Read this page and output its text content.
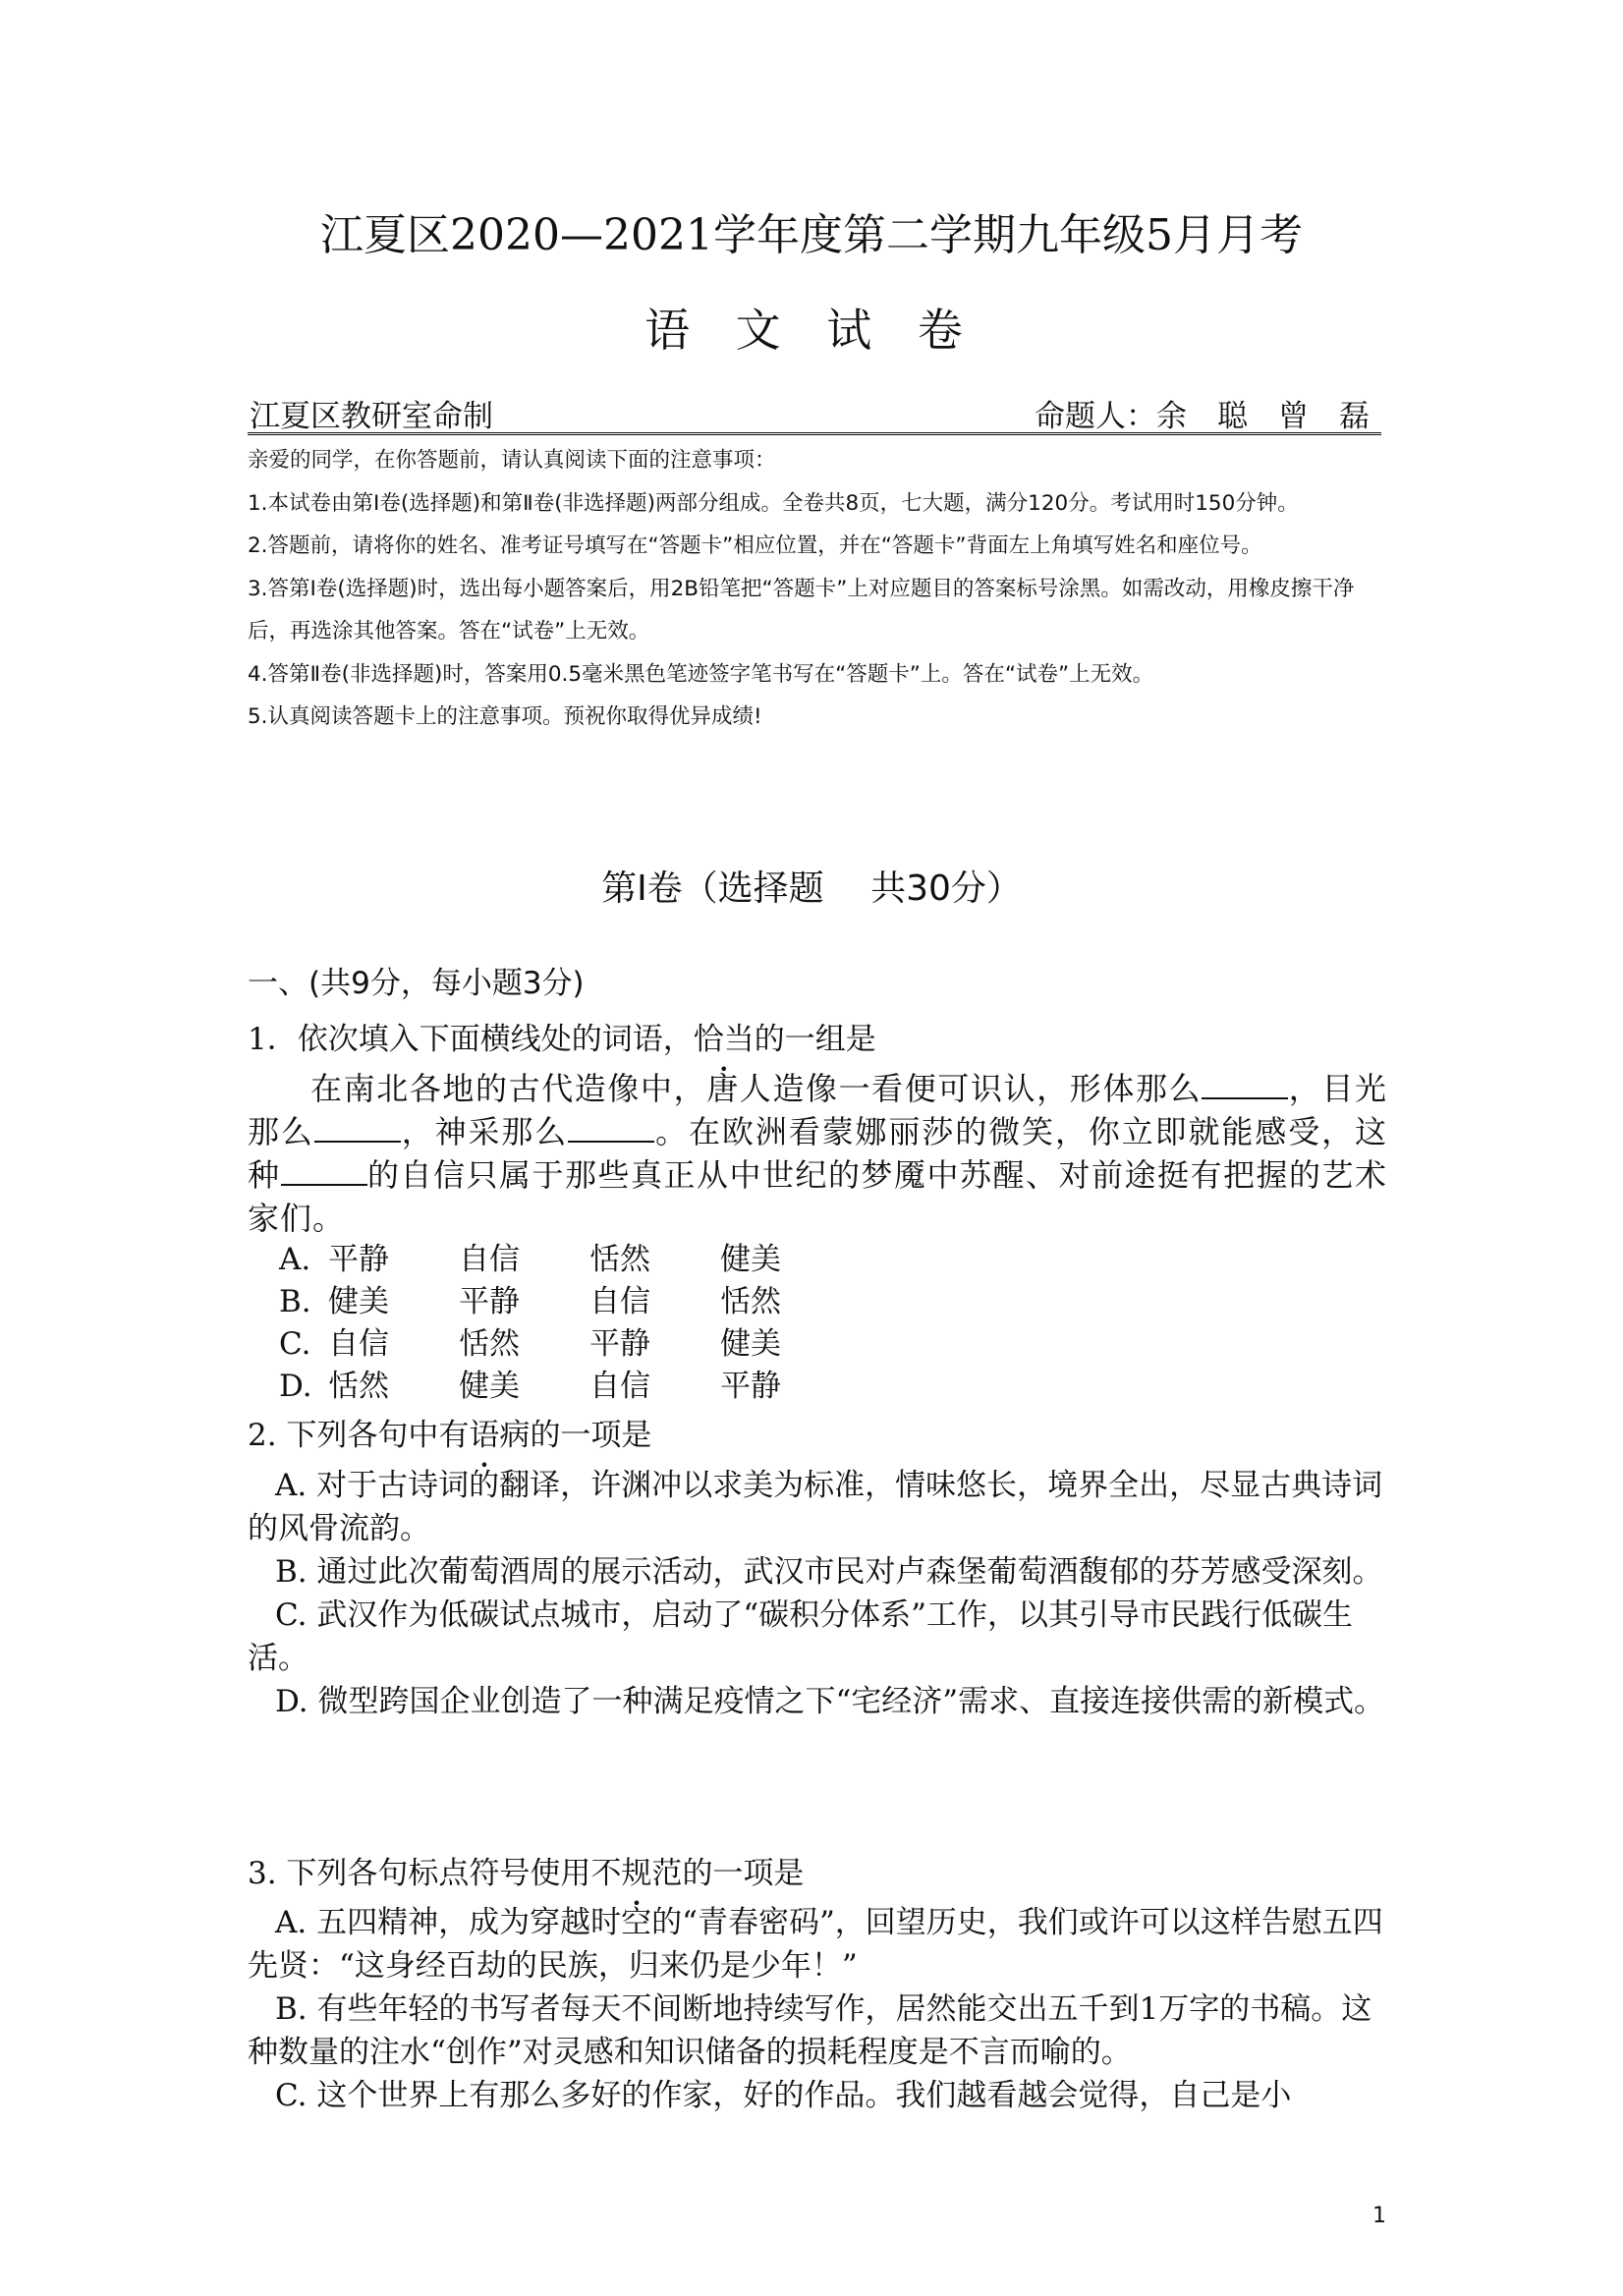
江夏区2020—2021学年度第二学期九年级5月月考
语 文 试 卷
江夏区教研室命制	命题人：余　聪　曾　磊

亲爱的同学，在你答题前，请认真阅读下面的注意事项：

1.本试卷由第Ⅰ卷(选择题)和第Ⅱ卷(非选择题)两部分组成。全卷共8页，七大题，满分120分。考试用时150分钟。

2.答题前，请将你的姓名、准考证号填写在“答题卡”相应位置，并在“答题卡”背面左上角填写姓名和座位号。

3.答第Ⅰ卷(选择题)时，选出每小题答案后，用2B铅笔把“答题卡”上对应题目的答案标号涂黑。如需改动，用橡皮擦干净后，再选涂其他答案。答在“试卷”上无效。

4.答第Ⅱ卷(非选择题)时，答案用0.5毫米黑色笔迹签字笔书写在“答题卡”上。答在“试卷”上无效。

5.认真阅读答题卡上的注意事项。预祝你取得优异成绩!

第Ⅰ卷（选择题　 共30分）
一、(共9分，每小题3分)
1．依次填入下面横线处的词语，恰当的一组是
在南北各地的古代造像中，唐人造像一看便可识认，形体那么	，目光那么	，神采那么	。在欧洲看蒙娜丽莎的微笑，你立即就能感受，这种	的自信只属于那些真正从中世纪的梦魇中苏醒、对前途挺有把握的艺术家们。
A. 平静	自信	恬然	健美
B. 健美	平静	自信	恬然
C. 自信	恬然	平静	健美
D. 恬然	健美	自信	平静
2. 下列各句中有语病的一项是

A. 对于古诗词的翻译，许渊冲以求美为标准，情味悠长，境界全出，尽显古典诗词的风骨流韵。

B. 通过此次葡萄酒周的展示活动，武汉市民对卢森堡葡萄酒馥郁的芬芳感受深刻。

C. 武汉作为低碳试点城市，启动了“碳积分体系”工作，以其引导市民践行低碳生活。

D. 微型跨国企业创造了一种满足疫情之下“宅经济”需求、直接连接供需的新模式。

3. 下列各句标点符号使用不规范的一项是

A. 五四精神，成为穿越时空的“青春密码”，回望历史，我们或许可以这样告慰五四先贤：“这身经百劫的民族，归来仍是少年！”

B. 有些年轻的书写者每天不间断地持续写作，居然能交出五千到1万字的书稿。这种数量的注水“创作”对灵感和知识储备的损耗程度是不言而喻的。

C. 这个世界上有那么多好的作家，好的作品。我们越看越会觉得，自己是小

1
